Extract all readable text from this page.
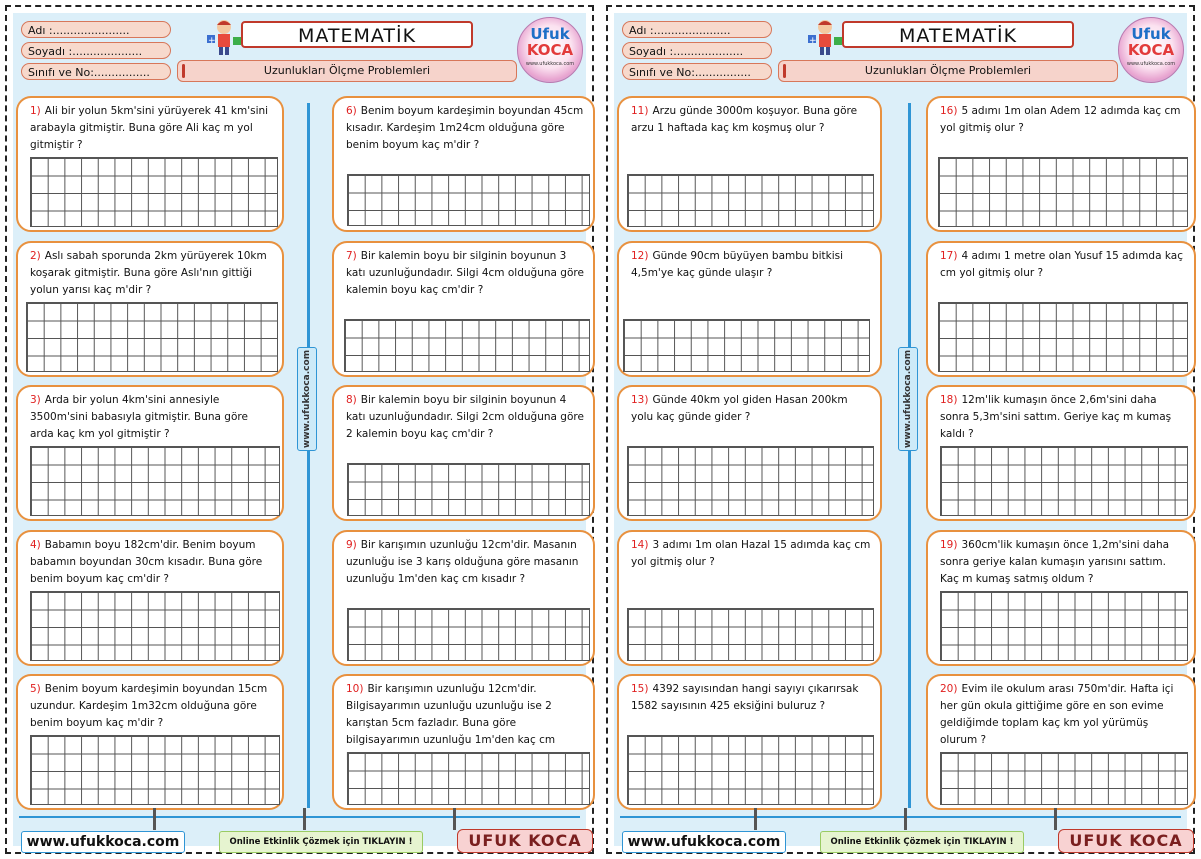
Adı :......................
Soyadı :....................
Sınıfı ve No:................
+	MATEMATİK
Uzunlukları Ölçme Problemleri
Ufuk
KOCA
www.ufukkoca.com
www.ufukkoca.com
1) Ali bir yolun 5km'sini yürüyerek 41 km'sini arabayla gitmiştir. Buna göre Ali kaç m yol gitmiştir ?
2) Aslı sabah sporunda 2km yürüyerek 10km koşarak gitmiştir. Buna göre Aslı'nın gittiği yolun yarısı kaç m'dir ?
3) Arda bir yolun 4km'sini annesiyle 3500m'sini babasıyla gitmiştir. Buna göre arda kaç km yol gitmiştir ?
4) Babamın boyu 182cm'dir. Benim boyum babamın boyundan 30cm kısadır. Buna göre benim boyum kaç cm'dir ?
5) Benim boyum kardeşimin boyundan 15cm uzundur. Kardeşim 1m32cm olduğuna göre benim boyum kaç m'dir ?
6) Benim boyum kardeşimin boyundan 45cm kısadır. Kardeşim 1m24cm olduğuna göre benim boyum kaç m'dir ?
7) Bir kalemin boyu bir silginin boyunun 3 katı uzunluğundadır. Silgi 4cm olduğuna göre kalemin boyu kaç cm'dir ?
8) Bir kalemin boyu bir silginin boyunun 4 katı uzunluğundadır. Silgi 2cm olduğuna göre 2 kalemin boyu kaç cm'dir ?
9) Bir karışımın uzunluğu 12cm'dir. Masanın uzunluğu ise 3 karış olduğuna göre masanın uzunluğu 1m'den kaç cm kısadır ?
10) Bir karışımın uzunluğu 12cm'dir. Bilgisayarımın uzunluğu uzunluğu ise 2 karıştan 5cm fazladır. Buna göre bilgisayarımın uzunluğu 1m'den kaç cm
www.ufukkoca.com	Online Etkinlik Çözmek için TIKLAYIN !	UFUK KOCA
Adı :......................
Soyadı :....................
Sınıfı ve No:................
+	MATEMATİK
Uzunlukları Ölçme Problemleri
Ufuk
KOCA
www.ufukkoca.com
www.ufukkoca.com
11) Arzu günde 3000m koşuyor. Buna göre arzu 1 haftada kaç km koşmuş olur ?
12) Günde 90cm büyüyen bambu bitkisi 4,5m'ye kaç günde ulaşır ?
13) Günde 40km yol giden Hasan 200km yolu kaç günde gider ?
14) 3 adımı 1m olan Hazal 15 adımda kaç cm yol gitmiş olur ?
15) 4392 sayısından hangi sayıyı çıkarırsak 1582 sayısının 425 eksiğini buluruz ?
16) 5 adımı 1m olan Adem 12 adımda kaç cm yol gitmiş olur ?
17) 4 adımı 1 metre olan Yusuf 15 adımda kaç cm yol gitmiş olur ?
18) 12m'lik kumaşın önce 2,6m'sini daha sonra 5,3m'sini sattım. Geriye kaç m kumaş kaldı ?
19) 360cm'lik kumaşın önce 1,2m'sini daha sonra geriye kalan kumaşın yarısını sattım. Kaç m kumaş satmış oldum ?
20) Evim ile okulum arası 750m'dir. Hafta içi her gün okula gittiğime göre en son evime geldiğimde toplam kaç km yol yürümüş olurum ?
www.ufukkoca.com	Online Etkinlik Çözmek için TIKLAYIN !	UFUK KOCA
